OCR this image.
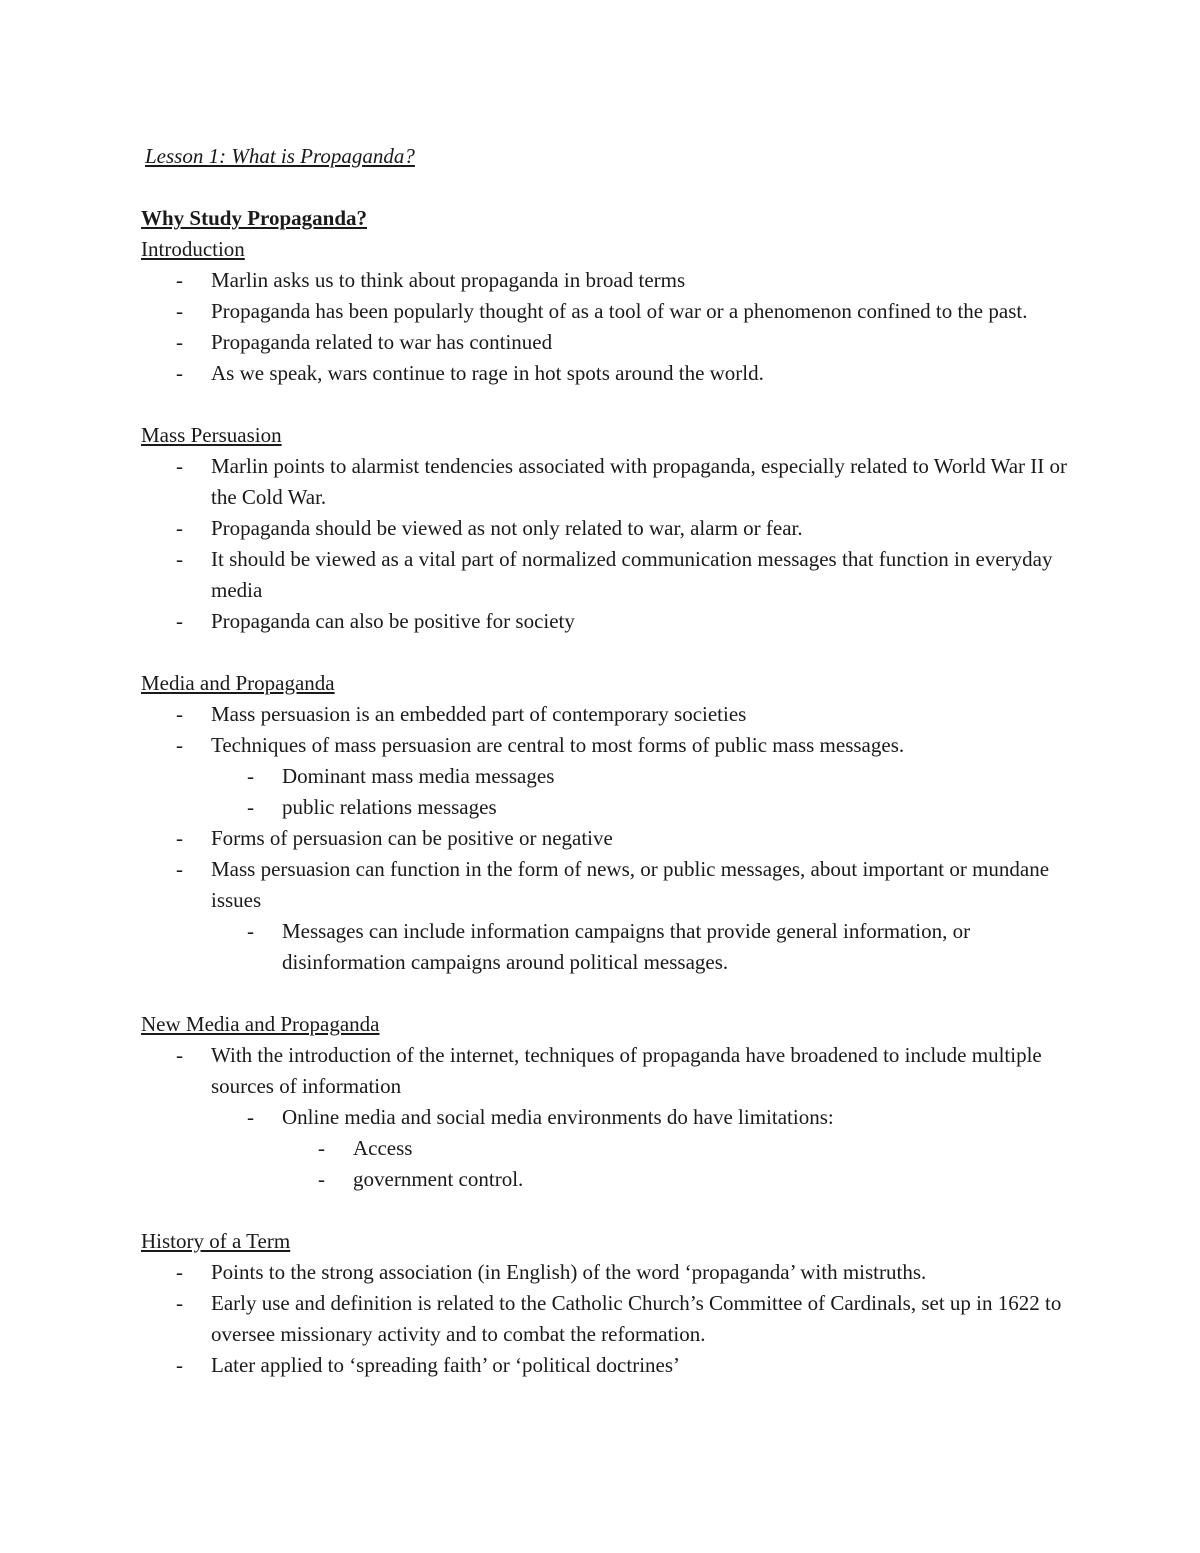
Lesson 1: What is Propaganda?
Why Study Propaganda?
Introduction
- Marlin asks us to think about propaganda in broad terms
- Propaganda has been popularly thought of as a tool of war or a phenomenon confined to the past.
- Propaganda related to war has continued
- As we speak, wars continue to rage in hot spots around the world.
Mass Persuasion
- Marlin points to alarmist tendencies associated with propaganda, especially related to World War II or the Cold War.
- Propaganda should be viewed as not only related to war, alarm or fear.
- It should be viewed as a vital part of normalized communication messages that function in everyday media
- Propaganda can also be positive for society
Media and Propaganda
- Mass persuasion is an embedded part of contemporary societies
- Techniques of mass persuasion are central to most forms of public mass messages.
- Dominant mass media messages
- public relations messages
- Forms of persuasion can be positive or negative
- Mass persuasion can function in the form of news, or public messages, about important or mundane issues
- Messages can include information campaigns that provide general information, or disinformation campaigns around political messages.
New Media and Propaganda
- With the introduction of the internet, techniques of propaganda have broadened to include multiple sources of information
- Online media and social media environments do have limitations:
- Access
- government control.
History of a Term
- Points to the strong association (in English) of the word ‘propaganda’ with mistruths.
- Early use and definition is related to the Catholic Church’s Committee of Cardinals, set up in 1622 to oversee missionary activity and to combat the reformation.
- Later applied to ‘spreading faith’ or ‘political doctrines’
